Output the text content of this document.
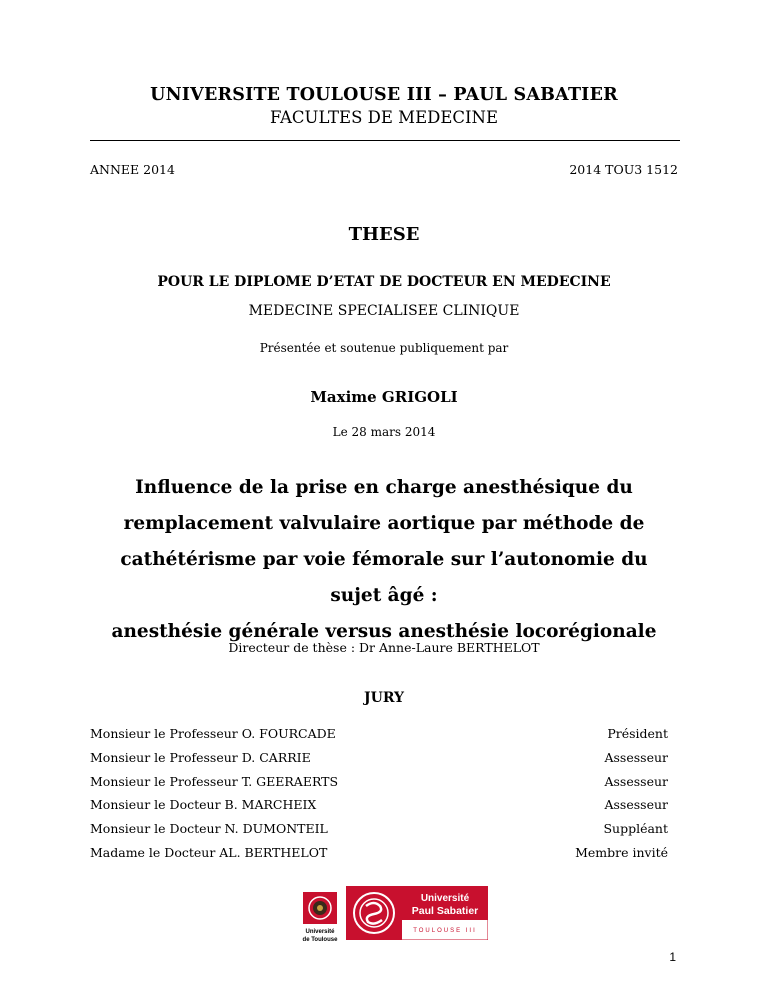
UNIVERSITE TOULOUSE III – PAUL SABATIER
FACULTES DE MEDECINE
ANNEE 2014	2014 TOU3 1512
THESE
POUR LE DIPLOME D’ETAT DE DOCTEUR EN MEDECINE
MEDECINE SPECIALISEE CLINIQUE
Présentée et soutenue publiquement par
Maxime GRIGOLI
Le 28 mars 2014
Influence de la prise en charge anesthésique du
remplacement valvulaire aortique par méthode de
cathétérisme par voie fémorale sur l’autonomie du sujet âgé :
anesthésie générale versus anesthésie locorégionale
Directeur de thèse : Dr Anne-Laure BERTHELOT
JURY
Monsieur le Professeur O. FOURCADE	Président
Monsieur le Professeur D. CARRIE	Assesseur
Monsieur le Professeur T. GEERAERTS	Assesseur
Monsieur le Docteur B. MARCHEIX	Assesseur
Monsieur le Docteur N. DUMONTEIL	Suppléant
Madame le Docteur AL. BERTHELOT	Membre invité
Université
de Toulouse
Université
Paul Sabatier
TOULOUSE III
1
